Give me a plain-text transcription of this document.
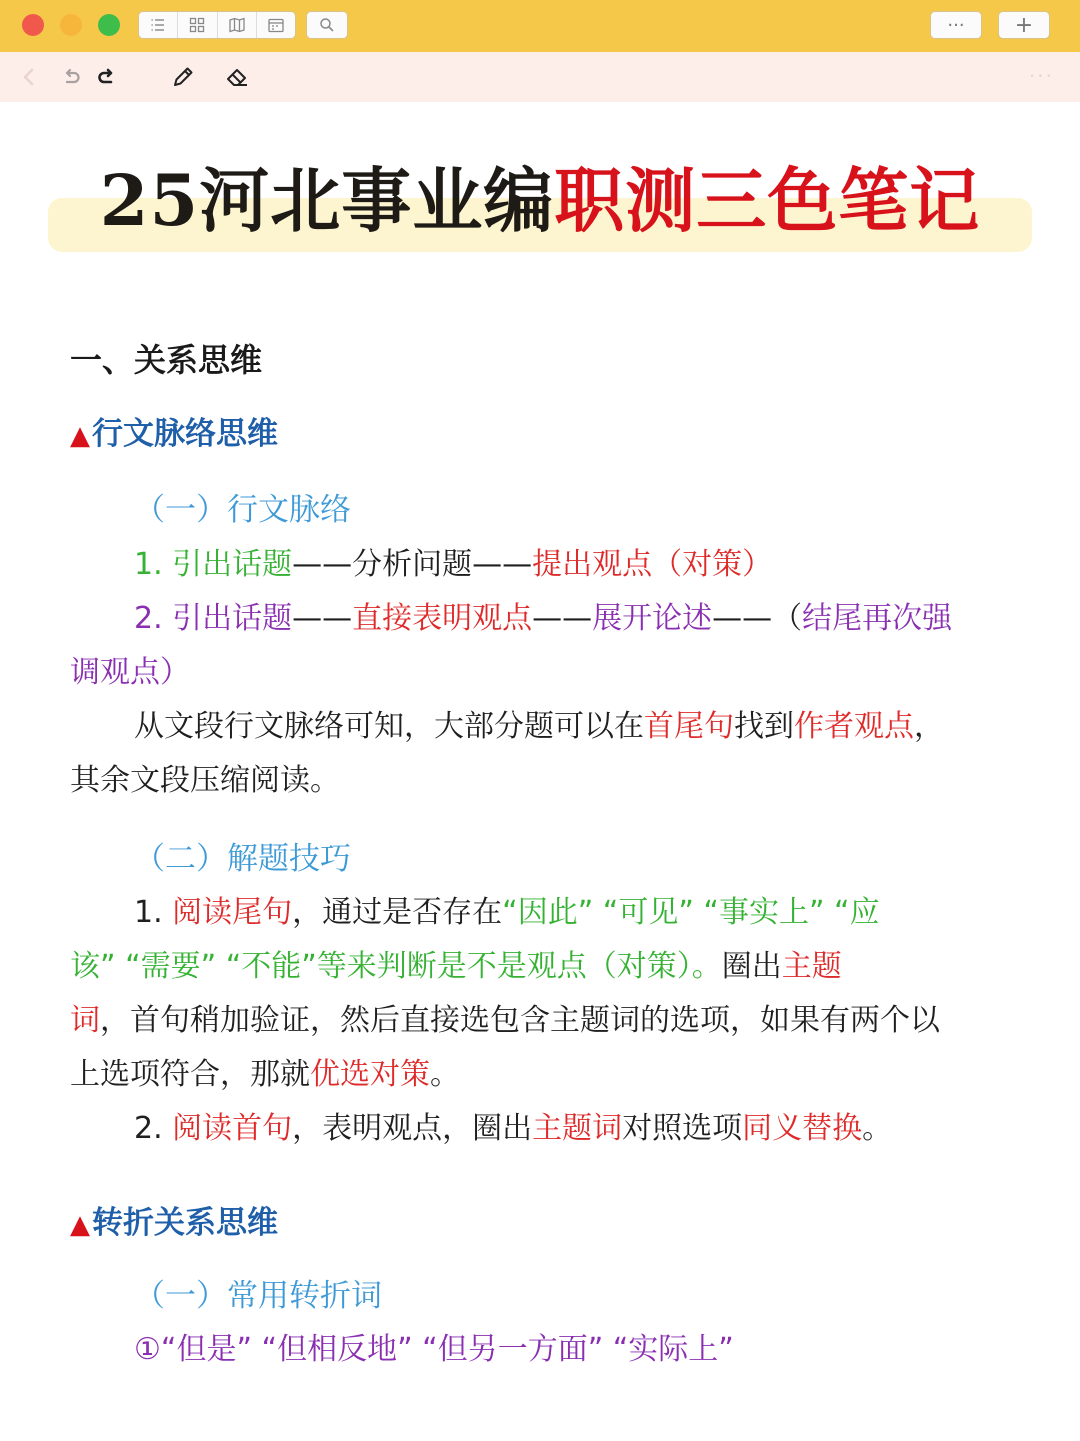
··· +
···
25河北事业编职测三色笔记
一、关系思维
▲行文脉络思维
（一）行文脉络
1. 引出话题——分析问题——提出观点（对策）
2. 引出话题——直接表明观点——展开论述——（结尾再次强
调观点）
从文段行文脉络可知，大部分题可以在首尾句找到作者观点，
其余文段压缩阅读。
（二）解题技巧
1. 阅读尾句，通过是否存在“因此” “可见” “事实上” “应
该” “需要” “不能”等来判断是不是观点（对策）。圈出主题
词，首句稍加验证，然后直接选包含主题词的选项，如果有两个以
上选项符合，那就优选对策。
2. 阅读首句，表明观点，圈出主题词对照选项同义替换。
▲转折关系思维
（一）常用转折词
①“但是” “但相反地” “但另一方面” “实际上”
